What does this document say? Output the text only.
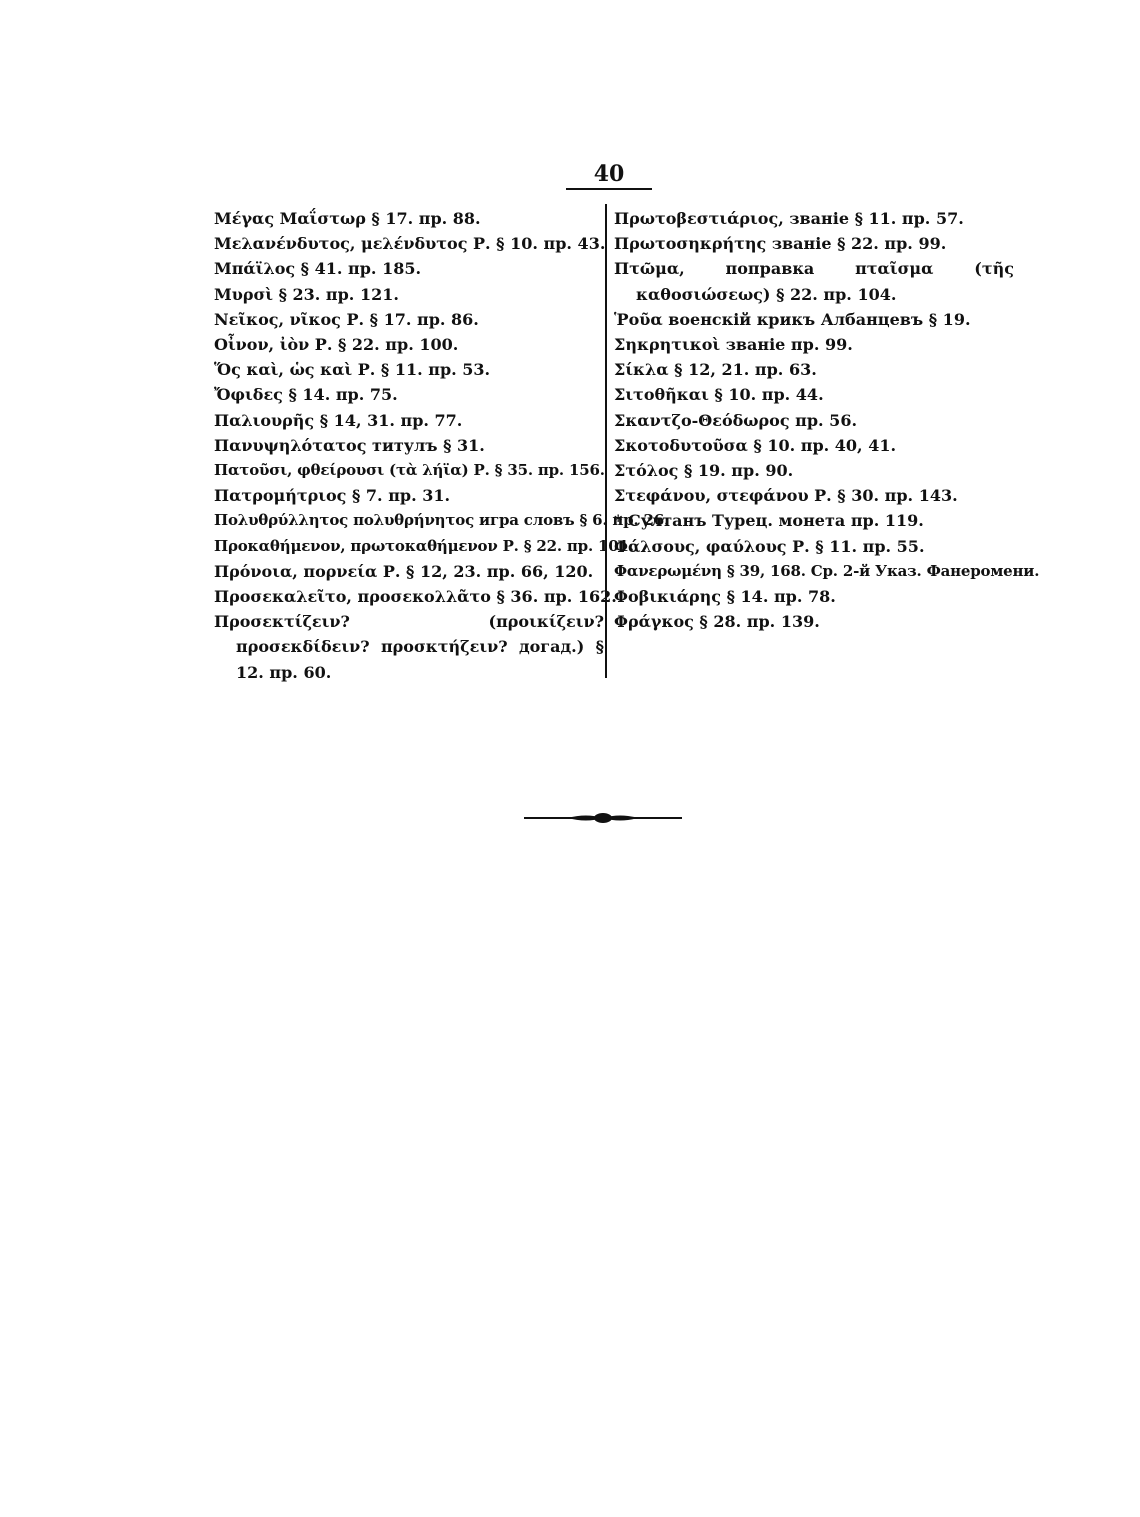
40
Μέγας Μαΐστωρ § 17. пр. 88.
Μελανένδυτος, μελένδυτος Р. § 10. пр. 43.
Μπάϊλος § 41. пр. 185.
Μυρσὶ § 23. пр. 121.
Νεῖκος, νῖκος Р. § 17. пр. 86.
Οἶνον, ἰὸν Р. § 22. пр. 100.
Ὅς καὶ, ὡς καὶ Р. § 11. пр. 53.
Ὄφιδες § 14. пр. 75.
Παλιουρῆς § 14, 31. пр. 77.
Πανυψηλότατος титулъ § 31.
Πατοῦσι, φθείρουσι (τὰ λήϊα) Р. § 35. пр. 156.
Πατρομήτριος § 7. пр. 31.
Πολυθρύλλητος πολυθρήνητος игра словъ § 6. пр. 26.
Προκαθήμενον, πρωτοκαθήμενον Р. § 22. пр. 101.
Πρόνοια, πορνεία Р. § 12, 23. пр. 66, 120.
Προσεκαλεῖτο, προσεκολλᾶτο § 36. пр. 162.
Προσεκτίζειν? (προικίζειν? προσεκδίδειν? προσκτήζειν? догад.) § 12. пр. 60.
Πρωτοβεστιάριος, званіе § 11. пр. 57.
Πρωτοσηκρήτης званіе § 22. пр. 99.
Πτῶμα, поправка πταῖσμα (τῆς καθοσιώσεως) § 22. пр. 104.
Ῥοῦα военскій крикъ Албанцевъ § 19.
Σηκρητικοὶ званіе пр. 99.
Σίκλα § 12, 21. пр. 63.
Σιτοθῆκαι § 10. пр. 44.
Σκαντζο-Θεόδωρος пр. 56.
Σκοτοδυτοῦσα § 10. пр. 40, 41.
Στόλος § 19. пр. 90.
Στεφάνου, στεφάνου Р. § 30. пр. 143.
* Султанъ Турец. монета пр. 119.
Φάλσους, φαύλους Р. § 11. пр. 55.
Φανερωμένη § 39, 168. Ср. 2-й Указ. Фанеромени.
Φοβικιάρης § 14. пр. 78.
Φράγκος § 28. пр. 139.
